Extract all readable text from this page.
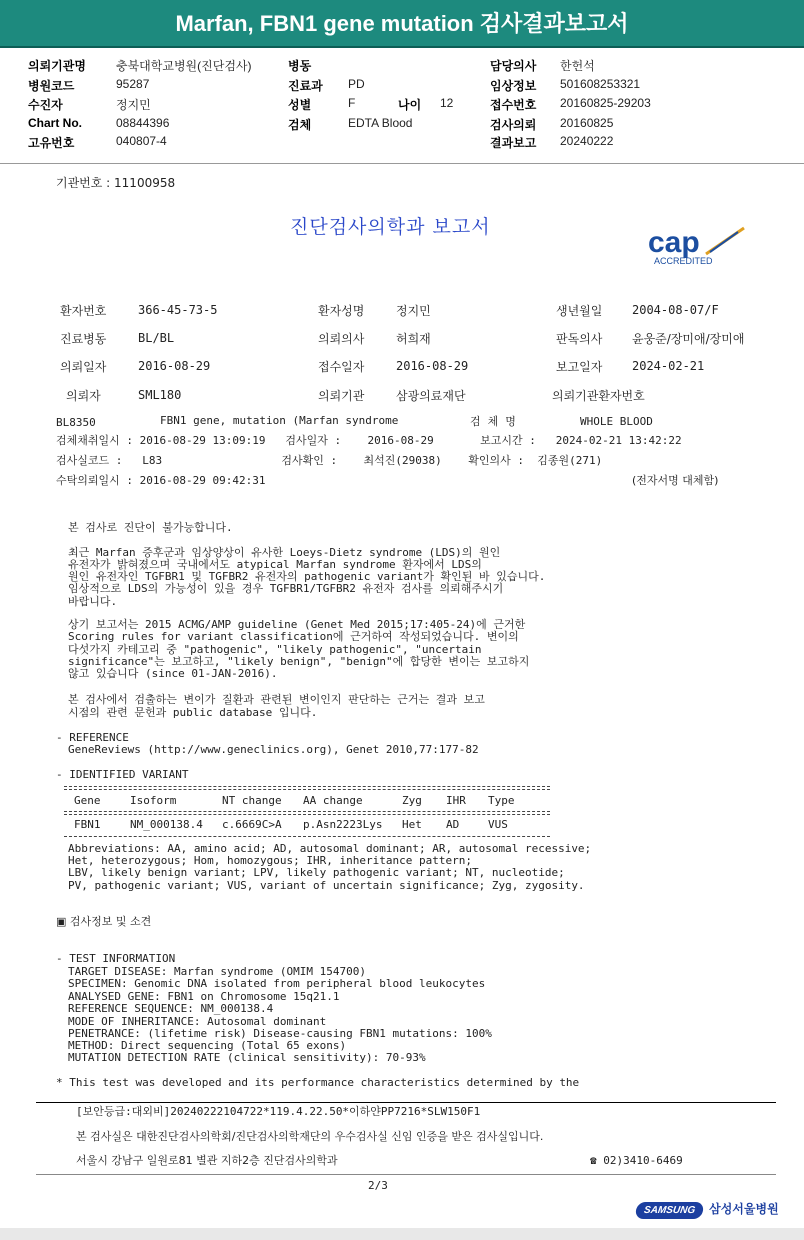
Marfan, FBN1 gene mutation 검사결과보고서
의뢰기관명	충북대학교병원(진단검사)
병원코드	95287
수진자	정지민
Chart No.	08844396
고유번호	040807-4
병동
진료과 PD
성별	F	나이 12
검체	EDTA Blood
담당의사 한헌석
임상정보 501608253321
접수번호 20160825-29203
검사의뢰 20160825
결과보고 20240222
기관번호 : 11100958
진단검사의학과 보고서	cap
ACCREDITED
환자번호	366-45-73-5	환자성명	정지민	생년월일 2004-08-07/F
진료병동	BL/BL	의뢰의사	허희재	판독의사 윤웅준/장미애/장미애
의뢰일자	2016-08-29	접수일자	2016-08-29	보고일자 2024-02-21
의뢰자	SML180	의뢰기관	삼광의료재단	의뢰기관환자번호
BL8350	FBN1 gene, mutation (Marfan syndrome	검  체  명	WHOLE BLOOD
검체채취일시 : 2016-08-29 13:09:19   검사일자 :    2016-08-29       보고시간 :   2024-02-21 13:42:22
검사실코드 :   L83                  검사확인 :    최석진(29038)    확인의사 :  김종원(271)
수탁의뢰일시 : 2016-08-29 09:42:31	(전자서명 대체함)
본 검사로 진단이 불가능합니다.
최근 Marfan 증후군과 임상양상이 유사한 Loeys-Dietz syndrome (LDS)의 원인
유전자가 밝혀졌으며 국내에서도 atypical Marfan syndrome 환자에서 LDS의
원인 유전자인 TGFBR1 및 TGFBR2 유전자의 pathogenic variant가 확인된 바 있습니다.
임상적으로 LDS의 가능성이 있을 경우 TGFBR1/TGFBR2 유전자 검사를 의뢰해주시기
바랍니다.
상기 보고서는 2015 ACMG/AMP guideline (Genet Med 2015;17:405-24)에 근거한
Scoring rules for variant classification에 근거하여 작성되었습니다. 변이의
다섯가지 카테고리 중 "pathogenic", "likely pathogenic", "uncertain
significance"는 보고하고, "likely benign", "benign"에 합당한 변이는 보고하지
않고 있습니다 (since 01-JAN-2016).
본 검사에서 검출하는 변이가 질환과 관련된 변이인지 판단하는 근거는 결과 보고
시점의 관련 문헌과 public database 입니다.
- REFERENCE
GeneReviews (http://www.geneclinics.org), Genet 2010,77:177-82
- IDENTIFIED VARIANT
Gene	Isoform	NT change AA change	Zyg IHR Type
FBN1	NM_000138.4 c.6669C>A p.Asn2223Lys Het AD	VUS
Abbreviations: AA, amino acid; AD, autosomal dominant; AR, autosomal recessive;
Het, heterozygous; Hom, homozygous; IHR, inheritance pattern;
LBV, likely benign variant; LPV, likely pathogenic variant; NT, nucleotide;
PV, pathogenic variant; VUS, variant of uncertain significance; Zyg, zygosity.
▣ 검사정보 및 소견
- TEST INFORMATION
TARGET DISEASE: Marfan syndrome (OMIM 154700)
SPECIMEN: Genomic DNA isolated from peripheral blood leukocytes
ANALYSED GENE: FBN1 on Chromosome 15q21.1
REFERENCE SEQUENCE: NM_000138.4
MODE OF INHERITANCE: Autosomal dominant
PENETRANCE: (lifetime risk) Disease-causing FBN1 mutations: 100%
METHOD: Direct sequencing (Total 65 exons)
MUTATION DETECTION RATE (clinical sensitivity): 70-93%
* This test was developed and its performance characteristics determined by the
[보안등급:대외비]20240222104722*119.4.22.50*이하얀PP7216*SLW150F1
본 검사실은 대한진단검사의학회/진단검사의학재단의 우수검사실 신임 인증을 받은 검사실입니다.
서울시 강남구 일원로81 별관 지하2층 진단검사의학과	☎ 02)3410-6469
2/3
SAMSUNG 삼성서울병원
